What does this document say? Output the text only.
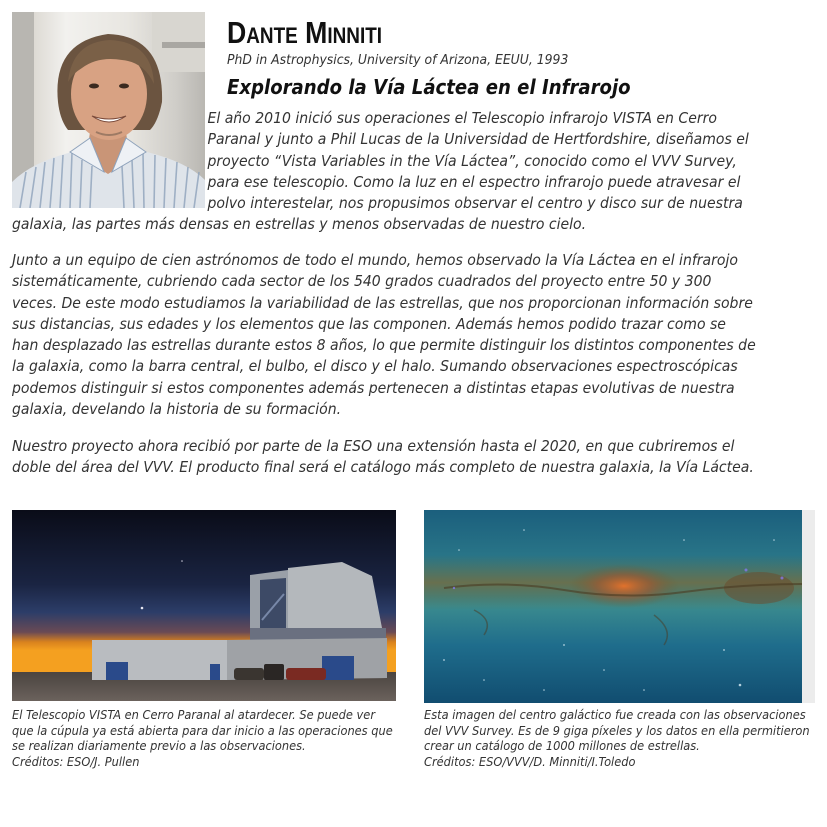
Dante Minniti

PhD in Astrophysics, University of Arizona, EEUU, 1993

Explorando la Vía Láctea en el Infrarojo

El año 2010 inició sus operaciones el Telescopio infrarojo VISTA en Cerro
Paranal y junto a Phil Lucas de la Universidad de Hertfordshire, diseñamos el
proyecto “Vista Variables in the Vía Láctea”, conocido como el VVV Survey,
para ese telescopio. Como la luz en el espectro infrarojo puede atravesar el
polvo interestelar, nos propusimos observar el centro y disco sur de nuestra
galaxia, las partes más densas en estrellas y menos observadas de nuestro cielo.

Junto a un equipo de cien astrónomos de todo el mundo, hemos observado la Vía Láctea en el infrarojo
sistemáticamente, cubriendo cada sector de los 540 grados cuadrados del proyecto entre 50 y 300
veces. De este modo estudiamos la variabilidad de las estrellas, que nos proporcionan información sobre
sus distancias, sus edades y los elementos que las componen. Además hemos podido trazar como se
han desplazado las estrellas durante estos 8 años, lo que permite distinguir los distintos componentes de
la galaxia, como la barra central, el bulbo, el disco y el halo. Sumando observaciones espectroscópicas
podemos distinguir si estos componentes además pertenecen a distintas etapas evolutivas de nuestra
galaxia, develando la historia de su formación.

Nuestro proyecto ahora recibió por parte de la ESO una extensión hasta el 2020, en que cubriremos el
doble del área del VVV. El producto final será el catálogo más completo de nuestra galaxia, la Vía Láctea.

El Telescopio VISTA en Cerro Paranal al atardecer. Se puede ver
que la cúpula ya está abierta para dar inicio a las operaciones que
se realizan diariamente previo a las observaciones.
Créditos: ESO/J. Pullen

Esta imagen del centro galáctico fue creada con las observaciones
del VVV Survey. Es de 9 giga píxeles y los datos en ella permitieron
crear un catálogo de 1000 millones de estrellas.
Créditos: ESO/VVV/D. Minniti/I.Toledo
